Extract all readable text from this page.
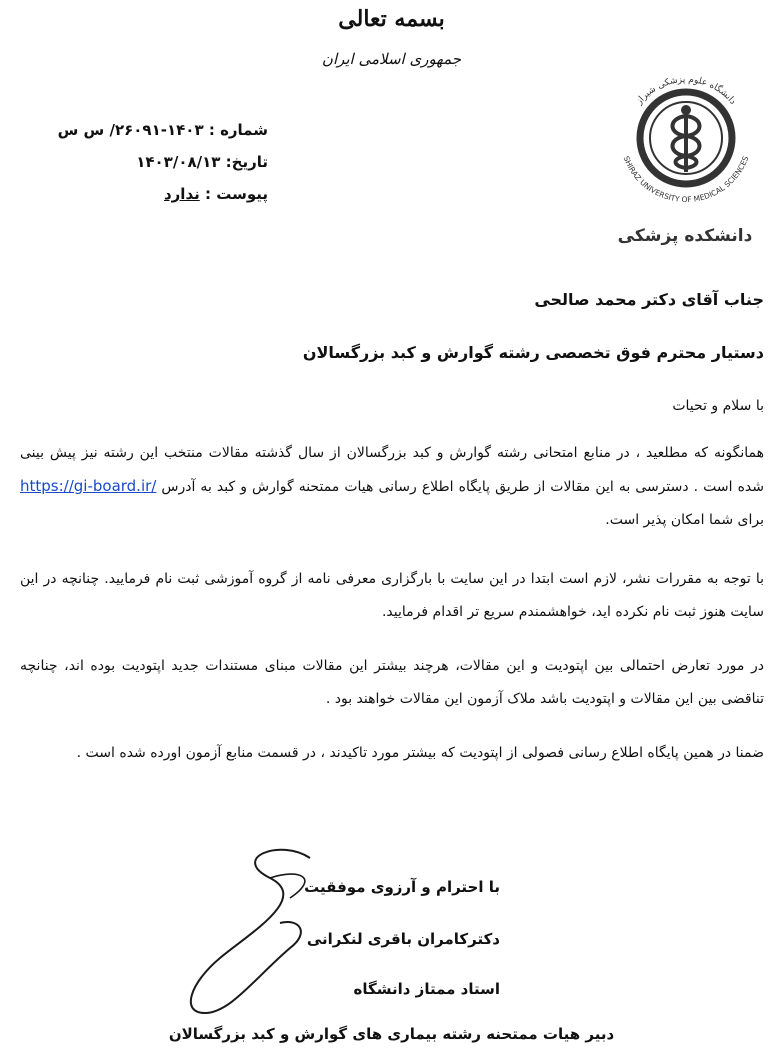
بسمه تعالی
جمهوری اسلامی ایران
دانشگاه علوم پزشکی شیراز
SHIRAZ UNIVERSITY OF MEDICAL SCIENCES
دانشکده پزشکی
شماره : ۱۴۰۳-۲۶۰۹۱/ س س
تاریخ: ۱۴۰۳/۰۸/۱۳
پیوست : ندارد
جناب آقای دکتر محمد صالحی
دستیار محترم فوق تخصصی رشته گوارش و کبد بزرگسالان
با سلام و تحیات
همانگونه که مطلعید ، در منابع امتحانی رشته گوارش و کبد بزرگسالان از سال گذشته مقالات منتخب این رشته نیز پیش بینی شده است . دسترسی به این مقالات از طریق پایگاه اطلاع رسانی هیات ممتحنه گوارش و کبد به آدرس https://gi-board.ir/ برای شما امکان پذیر است.
با توجه به مقررات نشر، لازم است ابتدا در این سایت با بارگزاری معرفی نامه از گروه آموزشی ثبت نام فرمایید. چنانچه در این سایت هنوز ثبت نام نکرده اید، خواهشمندم سریع تر اقدام فرمایید.
در مورد تعارض احتمالی بین اپتودیت و این مقالات، هرچند بیشتر این مقالات مبنای مستندات جدید اپتودیت بوده اند، چنانچه تناقضی بین این مقالات و اپتودیت باشد ملاک آزمون این مقالات خواهند بود .
ضمنا در همین پایگاه اطلاع رسانی فصولی از اپتودیت که بیشتر مورد تاکیدند ، در قسمت منابع آزمون اورده شده است .
با احترام و آرزوی موفقیت
دکترکامران باقری لنکرانی
استاد ممتاز دانشگاه
دبیر هیات ممتحنه رشته بیماری های گوارش و کبد بزرگسالان
